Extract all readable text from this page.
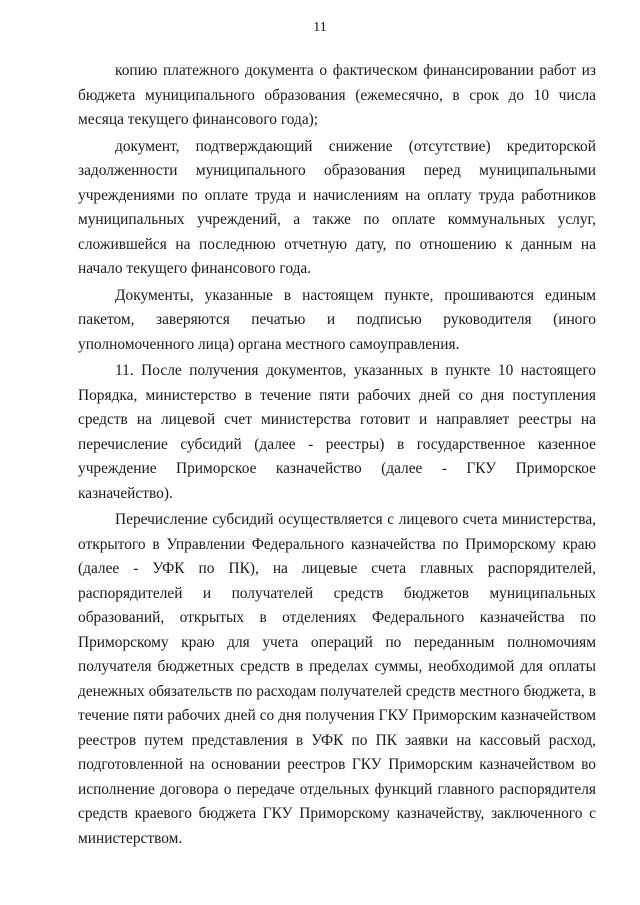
11

копию платежного документа о фактическом финансировании работ из бюджета муниципального образования (ежемесячно, в срок до 10 числа месяца текущего финансового года);

документ, подтверждающий снижение (отсутствие) кредиторской задолженности муниципального образования перед муниципальными учреждениями по оплате труда и начислениям на оплату труда работников муниципальных учреждений, а также по оплате коммунальных услуг, сложившейся на последнюю отчетную дату, по отношению к данным на начало текущего финансового года.

Документы, указанные в настоящем пункте, прошиваются единым пакетом, заверяются печатью и подписью руководителя (иного уполномоченного лица) органа местного самоуправления.

11. После получения документов, указанных в пункте 10 настоящего Порядка, министерство в течение пяти рабочих дней со дня поступления средств на лицевой счет министерства готовит и направляет реестры на перечисление субсидий (далее - реестры) в государственное казенное учреждение Приморское казначейство (далее - ГКУ Приморское казначейство).

Перечисление субсидий осуществляется с лицевого счета министерства, открытого в Управлении Федерального казначейства по Приморскому краю (далее - УФК по ПК), на лицевые счета главных распорядителей, распорядителей и получателей средств бюджетов муниципальных образований, открытых в отделениях Федерального казначейства по Приморскому краю для учета операций по переданным полномочиям получателя бюджетных средств в пределах суммы, необходимой для оплаты денежных обязательств по расходам получателей средств местного бюджета, в течение пяти рабочих дней со дня получения ГКУ Приморским казначейством реестров путем представления в УФК по ПК заявки на кассовый расход, подготовленной на основании реестров ГКУ Приморским казначейством во исполнение договора о передаче отдельных функций главного распорядителя средств краевого бюджета ГКУ Приморскому казначейству, заключенного с министерством.
